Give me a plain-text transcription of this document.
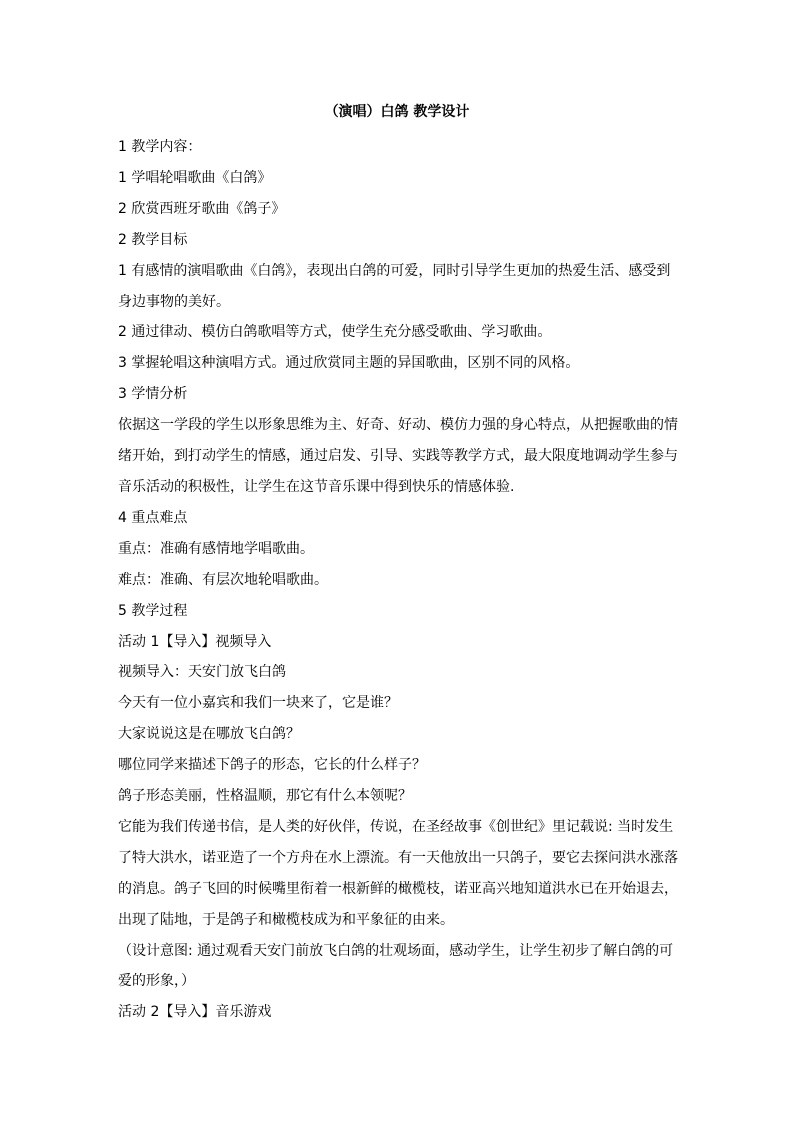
（演唱）白鸽 教学设计

1 教学内容：

1 学唱轮唱歌曲《白鸽》

2 欣赏西班牙歌曲《鸽子》

2 教学目标

1 有感情的演唱歌曲《白鸽》，表现出白鸽的可爱，同时引导学生更加的热爱生活、感受到

身边事物的美好。

2 通过律动、模仿白鸽歌唱等方式，使学生充分感受歌曲、学习歌曲。

3 掌握轮唱这种演唱方式。通过欣赏同主题的异国歌曲，区别不同的风格。

3 学情分析

依据这一学段的学生以形象思维为主、好奇、好动、模仿力强的身心特点，从把握歌曲的情

绪开始，到打动学生的情感，通过启发、引导、实践等教学方式，最大限度地调动学生参与

音乐活动的积极性，让学生在这节音乐课中得到快乐的情感体验.

4 重点难点

重点：准确有感情地学唱歌曲。

难点：准确、有层次地轮唱歌曲。

5 教学过程

活动 1【导入】视频导入

视频导入：天安门放飞白鸽

今天有一位小嘉宾和我们一块来了，它是谁？

大家说说这是在哪放飞白鸽？

哪位同学来描述下鸽子的形态，它长的什么样子？

鸽子形态美丽，性格温顺，那它有什么本领呢？

它能为我们传递书信，是人类的好伙伴，传说，在圣经故事《创世纪》里记载说: 当时发生

了特大洪水，诺亚造了一个方舟在水上漂流。有一天他放出一只鸽子，要它去探问洪水涨落

的消息。鸽子飞回的时候嘴里衔着一根新鲜的橄榄枝，诺亚高兴地知道洪水已在开始退去，

出现了陆地，于是鸽子和橄榄枝成为和平象征的由来。

（设计意图: 通过观看天安门前放飞白鸽的壮观场面，感动学生，让学生初步了解白鸽的可

爱的形象，）

活动 2【导入】音乐游戏
